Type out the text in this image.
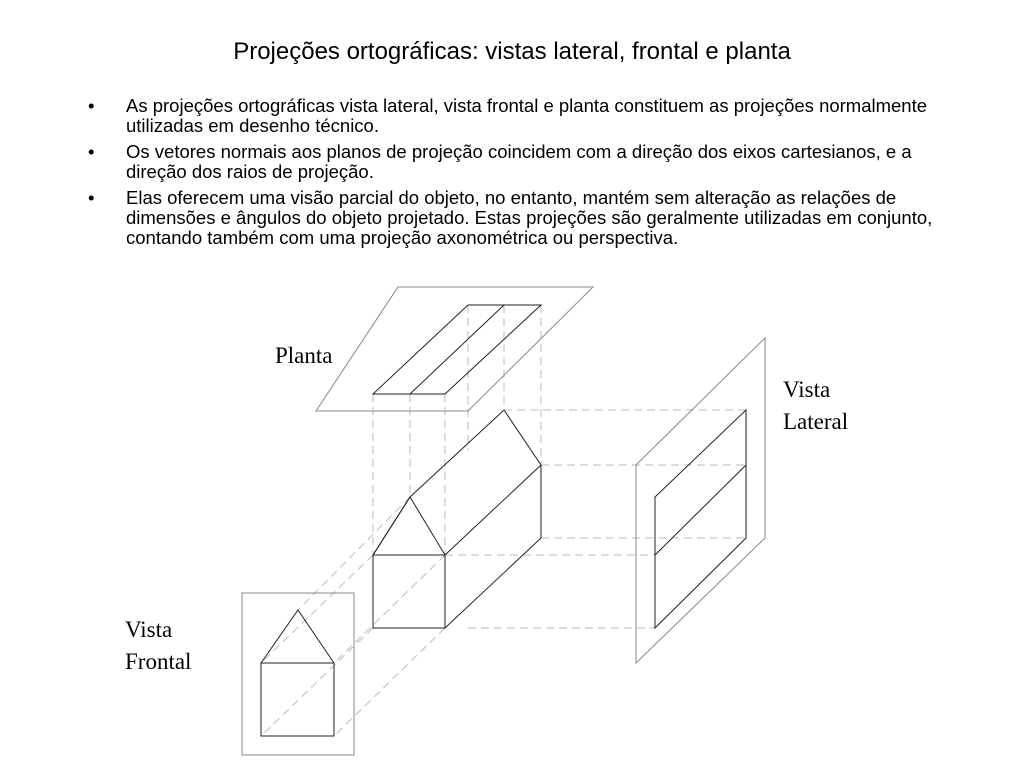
Projeções ortográficas: vistas lateral, frontal e planta
• As projeções ortográficas vista lateral, vista frontal e planta constituem as projeções normalmente utilizadas em desenho técnico.
• Os vetores normais aos planos de projeção coincidem com a direção dos eixos cartesianos, e a direção dos raios de projeção.
• Elas oferecem uma visão parcial do objeto, no entanto, mantém sem alteração as relações de dimensões e ângulos do objeto projetado. Estas projeções são geralmente utilizadas em conjunto, contando também com uma projeção axonométrica ou perspectiva.
Planta
Vista
Lateral
Vista
Frontal
